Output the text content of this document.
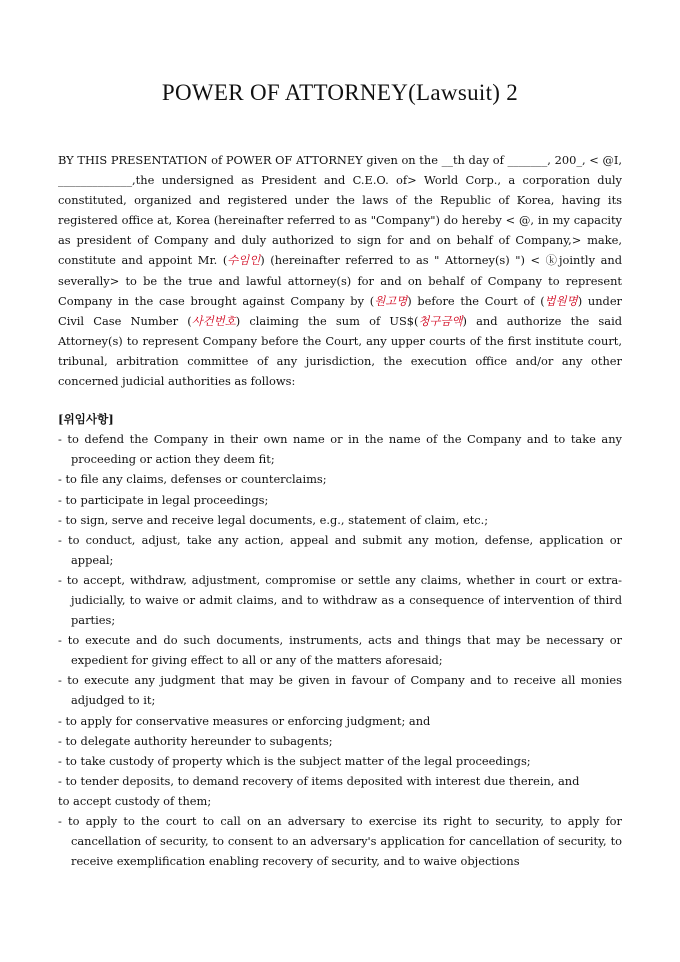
POWER OF ATTORNEY(Lawsuit) 2

BY THIS PRESENTATION of POWER OF ATTORNEY given on the __th day of _______, 200_, < @I, _____________,the undersigned as President and C.E.O. of> World Corp., a corporation duly constituted, organized and registered under the laws of the Republic of Korea, having its registered office at, Korea (hereinafter referred to as "Company") do hereby < @, in my capacity as president of Company and duly authorized to sign for and on behalf of Company,> make, constitute and appoint Mr. (수임인) (hereinafter referred to as " Attorney(s) ") < ⓚjointly and severally> to be the true and lawful attorney(s) for and on behalf of Company to represent Company in the case brought against Company by (원고명) before the Court of (법원명) under Civil Case Number (사건번호) claiming the sum of US$(청구금액) and authorize the said Attorney(s) to represent Company before the Court, any upper courts of the first institute court, tribunal, arbitration committee of any jurisdiction, the execution office and/or any other concerned judicial authorities as follows:

[위임사항]
- to defend the Company in their own name or in the name of the Company and to take any proceeding or action they deem fit;
- to file any claims, defenses or counterclaims;
- to participate in legal proceedings;
- to sign, serve and receive legal documents, e.g., statement of claim, etc.;
- to conduct, adjust, take any action, appeal and submit any motion, defense, application or appeal;
- to accept, withdraw, adjustment, compromise or settle any claims, whether in court or extra-judicially, to waive or admit claims, and to withdraw as a consequence of intervention of third parties;
- to execute and do such documents, instruments, acts and things that may be necessary or expedient for giving effect to all or any of the matters aforesaid;
- to execute any judgment that may be given in favour of Company and to receive all monies adjudged to it;
- to apply for conservative measures or enforcing judgment; and
- to delegate authority hereunder to subagents;
- to take custody of property which is the subject matter of the legal proceedings;
- to tender deposits, to demand recovery of items deposited with interest due therein, and

to accept custody of them;

- to apply to the court to call on an adversary to exercise its right to security, to apply for cancellation of security, to consent to an adversary's application for cancellation of security, to receive exemplification enabling recovery of security, and to waive objections
